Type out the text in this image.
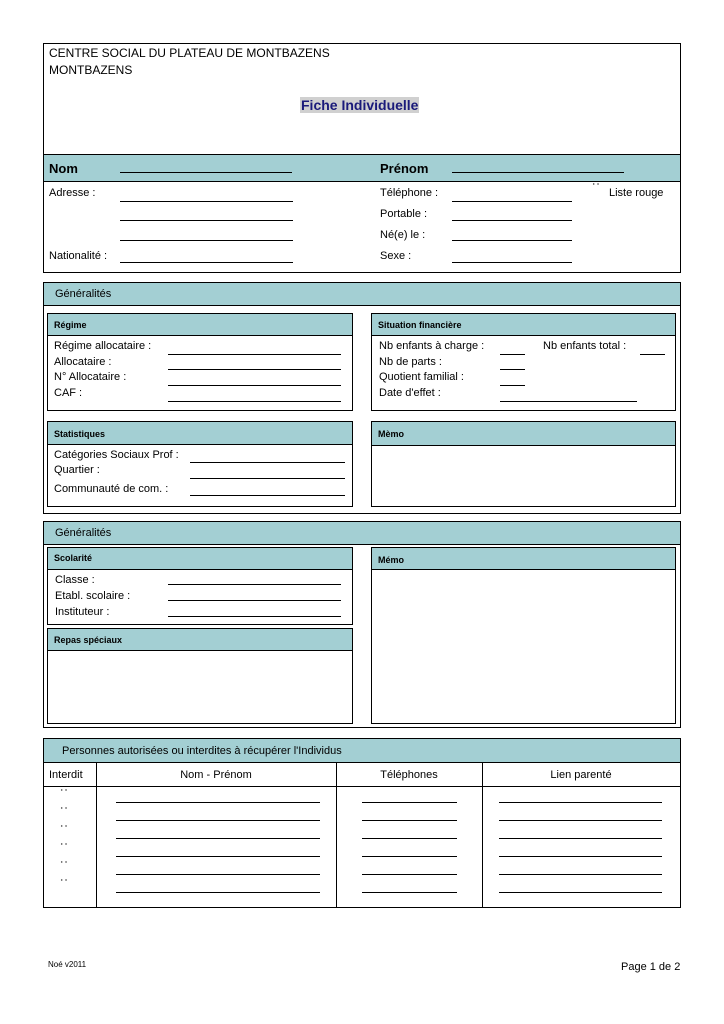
CENTRE SOCIAL DU PLATEAU DE MONTBAZENS
MONTBAZENS
Fiche Individuelle
Nom	Prénom
Adresse :
Nationalité :
Téléphone :	˙˙ Liste rouge
Portable :
Né(e) le :
Sexe :
Généralités
Régime
Régime allocataire :
Allocataire :
N° Allocataire :
CAF :
Situation financière
Nb enfants à charge :	Nb enfants total :
Nb de parts :
Quotient familial :
Date d'effet :
Statistiques
Catégories Sociaux Prof :
Quartier :
Communauté de com. :
Mèmo
Généralités
Scolarité
Classe :
Etabl. scolaire :
Instituteur :
Repas spéciaux
Mémo
Personnes autorisées ou interdites à récupérer l'Individus
Interdit	Nom - Prénom	Téléphones	Lien parenté
˙˙
˙˙
˙˙
˙˙
˙˙
˙˙
Noé v2011	Page 1 de 2
